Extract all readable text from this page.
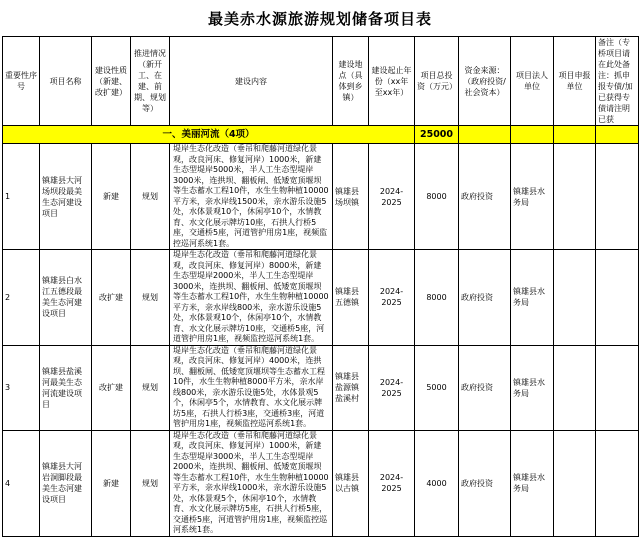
最美赤水源旅游规划储备项目表
重要性序号	项目名称	建设性质（新建、改扩建）	推进情况（新开工、在建、前期、规划等）	建设内容	建设地点（具体到乡镇）	建设起止年份（xx年至xx年）	项目总投资（万元）	资金来源：（政府投资/社会资本）	项目法人单位	项目申报单位	备注（专桥项目请在此处备注：抓申报专债/加已获得专债请注明已获
一、美丽河流（4项）							25000				
1	镇雄县大河场坝段最美生态河建设项目	新建	规划	堤岸生态化改造（垂吊和爬藤河道绿化景观，改良河床、修复河岸）1000米，新建生态型堤岸5000米，半人工生态型堤岸3000米，连拱坝、翻板闸、低矮宽顶堰坝等生态蓄水工程10件，水生生物种植10000平方米，亲水岸线1500米，亲水游乐设施5处，水体景观10个，休闲亭10个，水情教育、水文化展示牌坊10座，石拱人行桥5座，交通桥5座，河道管护用房1座，视频监控巡河系统1套。	镇雄县场坝镇	2024-2025	8000	政府投资	镇雄县水务局		
2	镇雄县白水江五德段最美生态河建设项目	改扩建	规划	堤岸生态化改造（垂吊和爬藤河道绿化景观，改良河床、修复河岸）8000米，新建生态型堤岸2000米，半人工生态型堤岸3000米，连拱坝、翻板闸、低矮宽顶堰坝等生态蓄水工程10件，水生生物种植10000平方米，亲水岸线800米，亲水游乐设施5处，水体景观10个，休闲亭10个，水情教育、水文化展示牌坊10座，交通桥5座，河道管护用房1座，视频监控巡河系统1套。	镇雄县五德镇	2024-2025	8000	政府投资	镇雄县水务局		
3	镇雄县盐溪河最美生态河流建设项目	改扩建	规划	堤岸生态化改造（垂吊和爬藤河道绿化景观，改良河床、修复河岸）4000米，连拱坝、翻板闸、低矮宽顶堰坝等生态蓄水工程10件，水生生物种植8000平方米，亲水岸线800米，亲水游乐设施5处，水体景观5个，休闲亭5个，水情教育、水文化展示牌坊5座，石拱人行桥3座，交通桥3座，河道管护用房1座，视频监控巡河系统1套。	镇雄县盐源镇盐溪村	2024-2025	5000	政府投资	镇雄县水务局		
4	镇雄县大河岩洞脚段最美生态河建设项目	新建	规划	堤岸生态化改造（垂吊和爬藤河道绿化景观，改良河床、修复河岸）1000米，新建生态型堤岸3000米，半人工生态型堤岸2000米，连拱坝、翻板闸、低矮宽顶堰坝等生态蓄水工程10件，水生生物种植10000平方米，亲水岸线1000米，亲水游乐设施5处，水体景观5个，休闲亭10个，水情教育、水文化展示牌坊5座，石拱人行桥5座，交通桥5座，河道管护用房1座，视频监控巡河系统1套。	镇雄县以古镇	2024-2025	4000	政府投资	镇雄县水务局		
